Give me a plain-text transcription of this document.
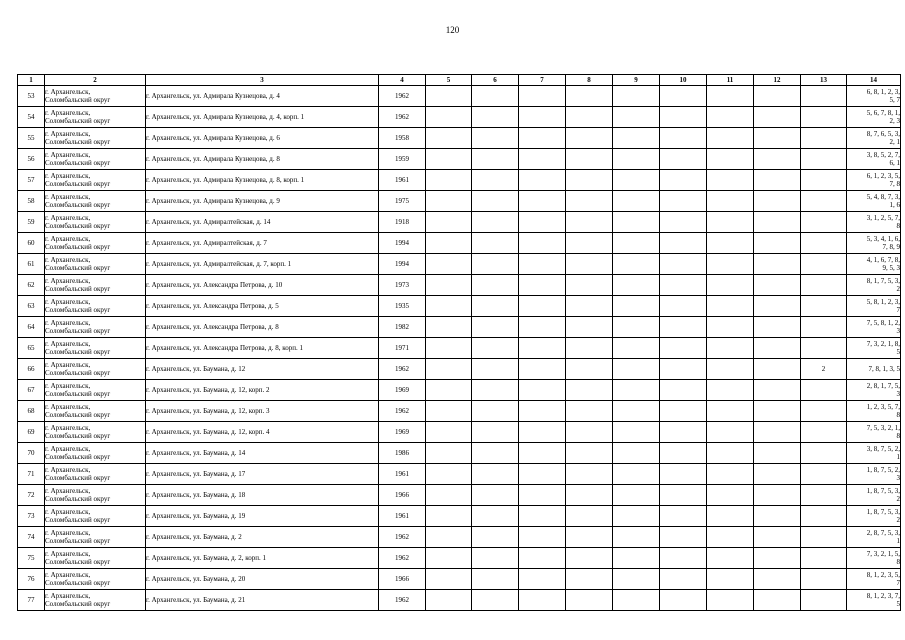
120
1	2	3	4	5	6	7	8	9	10	11	12	13	14
53	г. Архангельск,
Соломбальский округ	г. Архангельск, ул. Адмирала Кузнецова, д. 4	1962										6, 8, 1, 2, 3,
5, 7
54	г. Архангельск,
Соломбальский округ	г. Архангельск, ул. Адмирала Кузнецова, д. 4, корп. 1	1962										5, 6, 7, 8, 1,
2, 3
55	г. Архангельск,
Соломбальский округ	г. Архангельск, ул. Адмирала Кузнецова, д. 6	1958										8, 7, 6, 5, 3,
2, 1
56	г. Архангельск,
Соломбальский округ	г. Архангельск, ул. Адмирала Кузнецова, д. 8	1959										3, 8, 5, 2, 7,
6, 1
57	г. Архангельск,
Соломбальский округ	г. Архангельск, ул. Адмирала Кузнецова, д. 8, корп. 1	1961										6, 1, 2, 3, 5,
7, 8
58	г. Архангельск,
Соломбальский округ	г. Архангельск, ул. Адмирала Кузнецова, д. 9	1975										5, 4, 8, 7, 3,
1, 6
59	г. Архангельск,
Соломбальский округ	г. Архангельск, ул. Адмиралтейская, д. 14	1918										3, 1, 2, 5, 7,
8
60	г. Архангельск,
Соломбальский округ	г. Архангельск, ул. Адмиралтейская, д. 7	1994										5, 3, 4, 1, 6,
7, 8, 9
61	г. Архангельск,
Соломбальский округ	г. Архангельск, ул. Адмиралтейская, д. 7, корп. 1	1994										4, 1, 6, 7, 8,
9, 5, 3
62	г. Архангельск,
Соломбальский округ	г. Архангельск, ул. Александра Петрова, д. 10	1973										8, 1, 7, 5, 3,
2
63	г. Архангельск,
Соломбальский округ	г. Архангельск, ул. Александра Петрова, д. 5	1935										5, 8, 1, 2, 3,
7
64	г. Архангельск,
Соломбальский округ	г. Архангельск, ул. Александра Петрова, д. 8	1982										7, 5, 8, 1, 2,
3
65	г. Архангельск,
Соломбальский округ	г. Архангельск, ул. Александра Петрова, д. 8, корп. 1	1971										7, 3, 2, 1, 8,
5
66	г. Архангельск,
Соломбальский округ	г. Архангельск, ул. Баумана, д. 12	1962									2	7, 8, 1, 3, 5
67	г. Архангельск,
Соломбальский округ	г. Архангельск, ул. Баумана, д. 12, корп. 2	1969										2, 8, 1, 7, 5,
3
68	г. Архангельск,
Соломбальский округ	г. Архангельск, ул. Баумана, д. 12, корп. 3	1962										1, 2, 3, 5, 7,
8
69	г. Архангельск,
Соломбальский округ	г. Архангельск, ул. Баумана, д. 12, корп. 4	1969										7, 5, 3, 2, 1,
8
70	г. Архангельск,
Соломбальский округ	г. Архангельск, ул. Баумана, д. 14	1986										3, 8, 7, 5, 2,
1
71	г. Архангельск,
Соломбальский округ	г. Архангельск, ул. Баумана, д. 17	1961										1, 8, 7, 5, 2,
3
72	г. Архангельск,
Соломбальский округ	г. Архангельск, ул. Баумана, д. 18	1966										1, 8, 7, 5, 3,
2
73	г. Архангельск,
Соломбальский округ	г. Архангельск, ул. Баумана, д. 19	1961										1, 8, 7, 5, 3,
2
74	г. Архангельск,
Соломбальский округ	г. Архангельск, ул. Баумана, д. 2	1962										2, 8, 7, 5, 3,
1
75	г. Архангельск,
Соломбальский округ	г. Архангельск, ул. Баумана, д. 2, корп. 1	1962										7, 3, 2, 1, 5,
8
76	г. Архангельск,
Соломбальский округ	г. Архангельск, ул. Баумана, д. 20	1966										8, 1, 2, 3, 5,
7
77	г. Архангельск,
Соломбальский округ	г. Архангельск, ул. Баумана, д. 21	1962										8, 1, 2, 3, 7,
5
